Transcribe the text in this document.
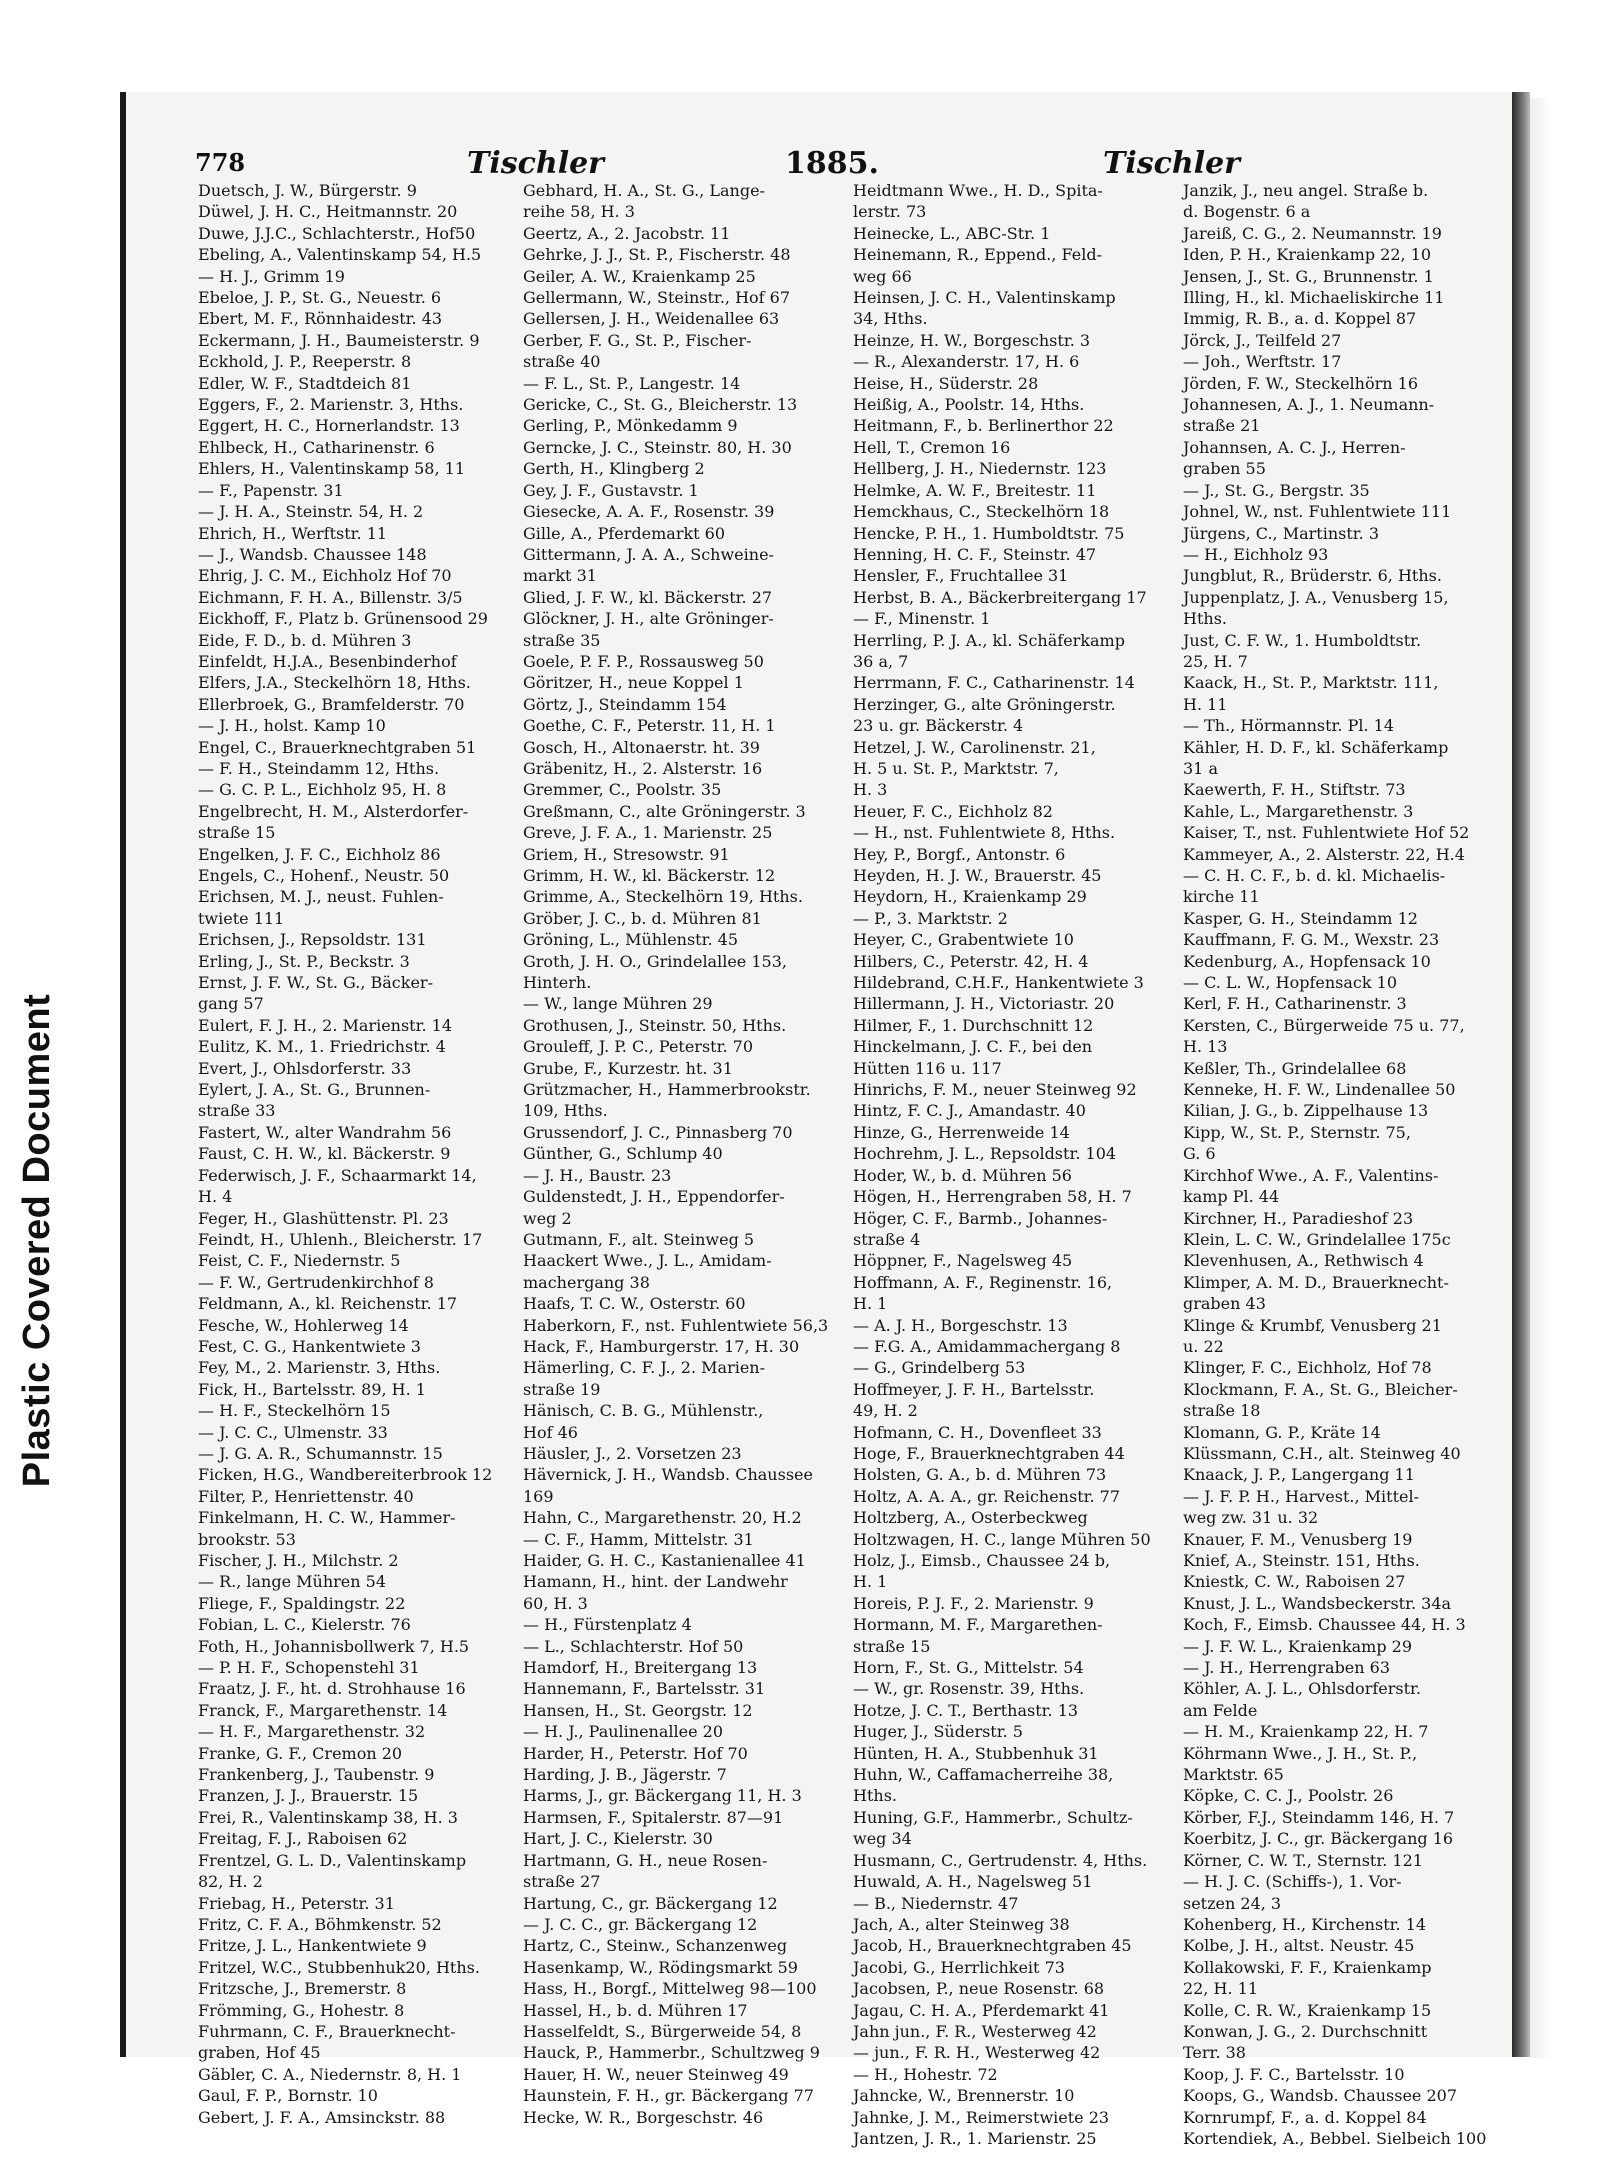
Plastic Covered Document
778	Tischler	1885.	Tischler
Duetsch, J. W., Bürgerstr. 9
Düwel, J. H. C., Heitmannstr. 20
Duwe, J.J.C., Schlachterstr., Hof50
Ebeling, A., Valentinskamp 54, H.5
— H. J., Grimm 19
Ebeloe, J. P., St. G., Neuestr. 6
Ebert, M. F., Rönnhaidestr. 43
Eckermann, J. H., Baumeisterstr. 9
Eckhold, J. P., Reeperstr. 8
Edler, W. F., Stadtdeich 81
Eggers, F., 2. Marienstr. 3, Hths.
Eggert, H. C., Hornerlandstr. 13
Ehlbeck, H., Catharinenstr. 6
Ehlers, H., Valentinskamp 58, 11
— F., Papenstr. 31
— J. H. A., Steinstr. 54, H. 2
Ehrich, H., Werftstr. 11
— J., Wandsb. Chaussee 148
Ehrig, J. C. M., Eichholz Hof 70
Eichmann, F. H. A., Billenstr. 3/5
Eickhoff, F., Platz b. Grünensood 29
Eide, F. D., b. d. Mühren 3
Einfeldt, H.J.A., Besenbinderhof
Elfers, J.A., Steckelhörn 18, Hths.
Ellerbroek, G., Bramfelderstr. 70
— J. H., holst. Kamp 10
Engel, C., Brauerknechtgraben 51
— F. H., Steindamm 12, Hths.
— G. C. P. L., Eichholz 95, H. 8
Engelbrecht, H. M., Alsterdorfer-
straße 15
Engelken, J. F. C., Eichholz 86
Engels, C., Hohenf., Neustr. 50
Erichsen, M. J., neust. Fuhlen-
twiete 111
Erichsen, J., Repsoldstr. 131
Erling, J., St. P., Beckstr. 3
Ernst, J. F. W., St. G., Bäcker-
gang 57
Eulert, F. J. H., 2. Marienstr. 14
Eulitz, K. M., 1. Friedrichstr. 4
Evert, J., Ohlsdorferstr. 33
Eylert, J. A., St. G., Brunnen-
straße 33
Fastert, W., alter Wandrahm 56
Faust, C. H. W., kl. Bäckerstr. 9
Federwisch, J. F., Schaarmarkt 14,
H. 4
Feger, H., Glashüttenstr. Pl. 23
Feindt, H., Uhlenh., Bleicherstr. 17
Feist, C. F., Niedernstr. 5
— F. W., Gertrudenkirchhof 8
Feldmann, A., kl. Reichenstr. 17
Fesche, W., Hohlerweg 14
Fest, C. G., Hankentwiete 3
Fey, M., 2. Marienstr. 3, Hths.
Fick, H., Bartelsstr. 89, H. 1
— H. F., Steckelhörn 15
— J. C. C., Ulmenstr. 33
— J. G. A. R., Schumannstr. 15
Ficken, H.G., Wandbereiterbrook 12
Filter, P., Henriettenstr. 40
Finkelmann, H. C. W., Hammer-
brookstr. 53
Fischer, J. H., Milchstr. 2
— R., lange Mühren 54
Fliege, F., Spaldingstr. 22
Fobian, L. C., Kielerstr. 76
Foth, H., Johannisbollwerk 7, H.5
— P. H. F., Schopenstehl 31
Fraatz, J. F., ht. d. Strohhause 16
Franck, F., Margarethenstr. 14
— H. F., Margarethenstr. 32
Franke, G. F., Cremon 20
Frankenberg, J., Taubenstr. 9
Franzen, J. J., Brauerstr. 15
Frei, R., Valentinskamp 38, H. 3
Freitag, F. J., Raboisen 62
Frentzel, G. L. D., Valentinskamp
82, H. 2
Friebag, H., Peterstr. 31
Fritz, C. F. A., Böhmkenstr. 52
Fritze, J. L., Hankentwiete 9
Fritzel, W.C., Stubbenhuk20, Hths.
Fritzsche, J., Bremerstr. 8
Frömming, G., Hohestr. 8
Fuhrmann, C. F., Brauerknecht-
graben, Hof 45
Gäbler, C. A., Niedernstr. 8, H. 1
Gaul, F. P., Bornstr. 10
Gebert, J. F. A., Amsinckstr. 88
Gebhard, H. A., St. G., Lange-
reihe 58, H. 3
Geertz, A., 2. Jacobstr. 11
Gehrke, J. J., St. P., Fischerstr. 48
Geiler, A. W., Kraienkamp 25
Gellermann, W., Steinstr., Hof 67
Gellersen, J. H., Weidenallee 63
Gerber, F. G., St. P., Fischer-
straße 40
— F. L., St. P., Langestr. 14
Gericke, C., St. G., Bleicherstr. 13
Gerling, P., Mönkedamm 9
Gerncke, J. C., Steinstr. 80, H. 30
Gerth, H., Klingberg 2
Gey, J. F., Gustavstr. 1
Giesecke, A. A. F., Rosenstr. 39
Gille, A., Pferdemarkt 60
Gittermann, J. A. A., Schweine-
markt 31
Glied, J. F. W., kl. Bäckerstr. 27
Glöckner, J. H., alte Gröninger-
straße 35
Goele, P. F. P., Rossausweg 50
Göritzer, H., neue Koppel 1
Görtz, J., Steindamm 154
Goethe, C. F., Peterstr. 11, H. 1
Gosch, H., Altonaerstr. ht. 39
Gräbenitz, H., 2. Alsterstr. 16
Gremmer, C., Poolstr. 35
Greßmann, C., alte Gröningerstr. 3
Greve, J. F. A., 1. Marienstr. 25
Griem, H., Stresowstr. 91
Grimm, H. W., kl. Bäckerstr. 12
Grimme, A., Steckelhörn 19, Hths.
Gröber, J. C., b. d. Mühren 81
Gröning, L., Mühlenstr. 45
Groth, J. H. O., Grindelallee 153,
Hinterh.
— W., lange Mühren 29
Grothusen, J., Steinstr. 50, Hths.
Grouleff, J. P. C., Peterstr. 70
Grube, F., Kurzestr. ht. 31
Grützmacher, H., Hammerbrookstr.
109, Hths.
Grussendorf, J. C., Pinnasberg 70
Günther, G., Schlump 40
— J. H., Baustr. 23
Guldenstedt, J. H., Eppendorfer-
weg 2
Gutmann, F., alt. Steinweg 5
Haackert Wwe., J. L., Amidam-
machergang 38
Haafs, T. C. W., Osterstr. 60
Haberkorn, F., nst. Fuhlentwiete 56,3
Hack, F., Hamburgerstr. 17, H. 30
Hämerling, C. F. J., 2. Marien-
straße 19
Hänisch, C. B. G., Mühlenstr.,
Hof 46
Häusler, J., 2. Vorsetzen 23
Hävernick, J. H., Wandsb. Chaussee
169
Hahn, C., Margarethenstr. 20, H.2
— C. F., Hamm, Mittelstr. 31
Haider, G. H. C., Kastanienallee 41
Hamann, H., hint. der Landwehr
60, H. 3
— H., Fürstenplatz 4
— L., Schlachterstr. Hof 50
Hamdorf, H., Breitergang 13
Hannemann, F., Bartelsstr. 31
Hansen, H., St. Georgstr. 12
— H. J., Paulinenallee 20
Harder, H., Peterstr. Hof 70
Harding, J. B., Jägerstr. 7
Harms, J., gr. Bäckergang 11, H. 3
Harmsen, F., Spitalerstr. 87—91
Hart, J. C., Kielerstr. 30
Hartmann, G. H., neue Rosen-
straße 27
Hartung, C., gr. Bäckergang 12
— J. C. C., gr. Bäckergang 12
Hartz, C., Steinw., Schanzenweg
Hasenkamp, W., Rödingsmarkt 59
Hass, H., Borgf., Mittelweg 98—100
Hassel, H., b. d. Mühren 17
Hasselfeldt, S., Bürgerweide 54, 8
Hauck, P., Hammerbr., Schultzweg 9
Hauer, H. W., neuer Steinweg 49
Haunstein, F. H., gr. Bäckergang 77
Hecke, W. R., Borgeschstr. 46
Heidtmann Wwe., H. D., Spita-
lerstr. 73
Heinecke, L., ABC-Str. 1
Heinemann, R., Eppend., Feld-
weg 66
Heinsen, J. C. H., Valentinskamp
34, Hths.
Heinze, H. W., Borgeschstr. 3
— R., Alexanderstr. 17, H. 6
Heise, H., Süderstr. 28
Heißig, A., Poolstr. 14, Hths.
Heitmann, F., b. Berlinerthor 22
Hell, T., Cremon 16
Hellberg, J. H., Niedernstr. 123
Helmke, A. W. F., Breitestr. 11
Hemckhaus, C., Steckelhörn 18
Hencke, P. H., 1. Humboldtstr. 75
Henning, H. C. F., Steinstr. 47
Hensler, F., Fruchtallee 31
Herbst, B. A., Bäckerbreitergang 17
— F., Minenstr. 1
Herrling, P. J. A., kl. Schäferkamp
36 a, 7
Herrmann, F. C., Catharinenstr. 14
Herzinger, G., alte Gröningerstr.
23 u. gr. Bäckerstr. 4
Hetzel, J. W., Carolinenstr. 21,
H. 5 u. St. P., Marktstr. 7,
H. 3
Heuer, F. C., Eichholz 82
— H., nst. Fuhlentwiete 8, Hths.
Hey, P., Borgf., Antonstr. 6
Heyden, H. J. W., Brauerstr. 45
Heydorn, H., Kraienkamp 29
— P., 3. Marktstr. 2
Heyer, C., Grabentwiete 10
Hilbers, C., Peterstr. 42, H. 4
Hildebrand, C.H.F., Hankentwiete 3
Hillermann, J. H., Victoriastr. 20
Hilmer, F., 1. Durchschnitt 12
Hinckelmann, J. C. F., bei den
Hütten 116 u. 117
Hinrichs, F. M., neuer Steinweg 92
Hintz, F. C. J., Amandastr. 40
Hinze, G., Herrenweide 14
Hochrehm, J. L., Repsoldstr. 104
Hoder, W., b. d. Mühren 56
Högen, H., Herrengraben 58, H. 7
Höger, C. F., Barmb., Johannes-
straße 4
Höppner, F., Nagelsweg 45
Hoffmann, A. F., Reginenstr. 16,
H. 1
— A. J. H., Borgeschstr. 13
— F.G. A., Amidammachergang 8
— G., Grindelberg 53
Hoffmeyer, J. F. H., Bartelsstr.
49, H. 2
Hofmann, C. H., Dovenfleet 33
Hoge, F., Brauerknechtgraben 44
Holsten, G. A., b. d. Mühren 73
Holtz, A. A. A., gr. Reichenstr. 77
Holtzberg, A., Osterbeckweg
Holtzwagen, H. C., lange Mühren 50
Holz, J., Eimsb., Chaussee 24 b,
H. 1
Horeis, P. J. F., 2. Marienstr. 9
Hormann, M. F., Margarethen-
straße 15
Horn, F., St. G., Mittelstr. 54
— W., gr. Rosenstr. 39, Hths.
Hotze, J. C. T., Berthastr. 13
Huger, J., Süderstr. 5
Hünten, H. A., Stubbenhuk 31
Huhn, W., Caffamacherreihe 38,
Hths.
Huning, G.F., Hammerbr., Schultz-
weg 34
Husmann, C., Gertrudenstr. 4, Hths.
Huwald, A. H., Nagelsweg 51
— B., Niedernstr. 47
Jach, A., alter Steinweg 38
Jacob, H., Brauerknechtgraben 45
Jacobi, G., Herrlichkeit 73
Jacobsen, P., neue Rosenstr. 68
Jagau, C. H. A., Pferdemarkt 41
Jahn jun., F. R., Westerweg 42
— jun., F. R. H., Westerweg 42
— H., Hohestr. 72
Jahncke, W., Brennerstr. 10
Jahnke, J. M., Reimerstwiete 23
Jantzen, J. R., 1. Marienstr. 25
Janzik, J., neu angel. Straße b.
d. Bogenstr. 6 a
Jareiß, C. G., 2. Neumannstr. 19
Iden, P. H., Kraienkamp 22, 10
Jensen, J., St. G., Brunnenstr. 1
Illing, H., kl. Michaeliskirche 11
Immig, R. B., a. d. Koppel 87
Jörck, J., Teilfeld 27
— Joh., Werftstr. 17
Jörden, F. W., Steckelhörn 16
Johannesen, A. J., 1. Neumann-
straße 21
Johannsen, A. C. J., Herren-
graben 55
— J., St. G., Bergstr. 35
Johnel, W., nst. Fuhlentwiete 111
Jürgens, C., Martinstr. 3
— H., Eichholz 93
Jungblut, R., Brüderstr. 6, Hths.
Juppenplatz, J. A., Venusberg 15,
Hths.
Just, C. F. W., 1. Humboldtstr.
25, H. 7
Kaack, H., St. P., Marktstr. 111,
H. 11
— Th., Hörmannstr. Pl. 14
Kähler, H. D. F., kl. Schäferkamp
31 a
Kaewerth, F. H., Stiftstr. 73
Kahle, L., Margarethenstr. 3
Kaiser, T., nst. Fuhlentwiete Hof 52
Kammeyer, A., 2. Alsterstr. 22, H.4
— C. H. C. F., b. d. kl. Michaelis-
kirche 11
Kasper, G. H., Steindamm 12
Kauffmann, F. G. M., Wexstr. 23
Kedenburg, A., Hopfensack 10
— C. L. W., Hopfensack 10
Kerl, F. H., Catharinenstr. 3
Kersten, C., Bürgerweide 75 u. 77,
H. 13
Keßler, Th., Grindelallee 68
Kenneke, H. F. W., Lindenallee 50
Kilian, J. G., b. Zippelhause 13
Kipp, W., St. P., Sternstr. 75,
G. 6
Kirchhof Wwe., A. F., Valentins-
kamp Pl. 44
Kirchner, H., Paradieshof 23
Klein, L. C. W., Grindelallee 175c
Klevenhusen, A., Rethwisch 4
Klimper, A. M. D., Brauerknecht-
graben 43
Klinge & Krumbf, Venusberg 21
u. 22
Klinger, F. C., Eichholz, Hof 78
Klockmann, F. A., St. G., Bleicher-
straße 18
Klomann, G. P., Kräte 14
Klüssmann, C.H., alt. Steinweg 40
Knaack, J. P., Langergang 11
— J. F. P. H., Harvest., Mittel-
weg zw. 31 u. 32
Knauer, F. M., Venusberg 19
Knief, A., Steinstr. 151, Hths.
Kniestk, C. W., Raboisen 27
Knust, J. L., Wandsbeckerstr. 34a
Koch, F., Eimsb. Chaussee 44, H. 3
— J. F. W. L., Kraienkamp 29
— J. H., Herrengraben 63
Köhler, A. J. L., Ohlsdorferstr.
am Felde
— H. M., Kraienkamp 22, H. 7
Köhrmann Wwe., J. H., St. P.,
Marktstr. 65
Köpke, C. C. J., Poolstr. 26
Körber, F.J., Steindamm 146, H. 7
Koerbitz, J. C., gr. Bäckergang 16
Körner, C. W. T., Sternstr. 121
— H. J. C. (Schiffs-), 1. Vor-
setzen 24, 3
Kohenberg, H., Kirchenstr. 14
Kolbe, J. H., altst. Neustr. 45
Kollakowski, F. F., Kraienkamp
22, H. 11
Kolle, C. R. W., Kraienkamp 15
Konwan, J. G., 2. Durchschnitt
Terr. 38
Koop, J. F. C., Bartelsstr. 10
Koops, G., Wandsb. Chaussee 207
Kornrumpf, F., a. d. Koppel 84
Kortendiek, A., Bebbel. Sielbeich 100
